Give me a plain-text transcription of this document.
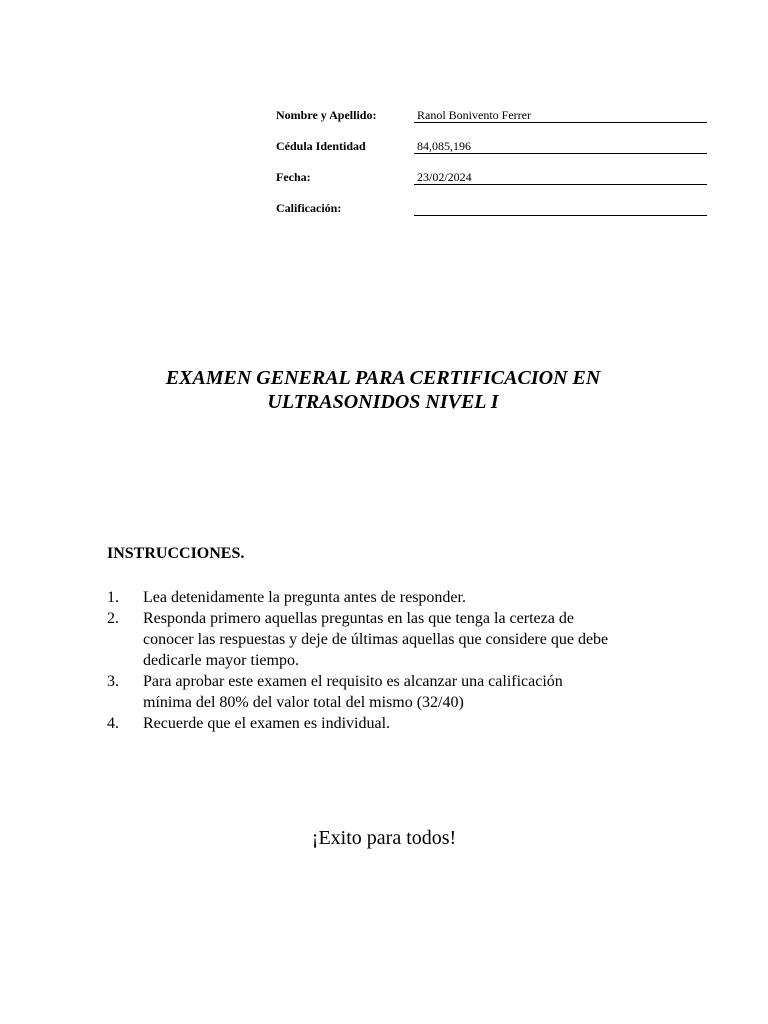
Nombre y Apellido:	Ranol Bonivento Ferrer
Cédula Identidad	84,085,196
Fecha:	23/02/2024
Calificación:
EXAMEN GENERAL PARA CERTIFICACION EN
ULTRASONIDOS NIVEL I
INSTRUCCIONES.
1.	Lea detenidamente la pregunta antes de responder.
2.	Responda primero aquellas preguntas en las que tenga la certeza de conocer las respuestas y deje de últimas aquellas que considere que debe dedicarle mayor tiempo.
3.	Para aprobar este examen el requisito es alcanzar una calificación mínima del 80% del valor total del mismo (32/40)
4.	Recuerde que el examen es individual.
¡Exito para todos!
